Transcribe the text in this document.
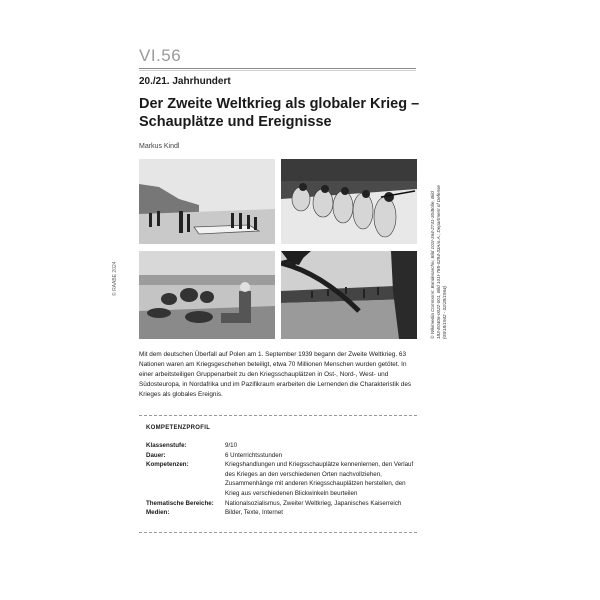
VI.56
20./21. Jahrhundert
Der Zweite Weltkrieg als globaler Krieg –
Schauplätze und Ereignisse
Markus Kindl
© RAABE 2024	© Wikimedia Commons: Bundesarchiv, Bild 101I-364-2741-30/Bolle, Bild 183-E0406-0022-001, Bild 101I-785-0294-33A/o.A.; Department of Defense (09/18/1942 - 02/28/1964)
Mit dem deutschen Überfall auf Polen am 1. September 1939 begann der Zweite Weltkrieg. 63 Nationen waren am Kriegsgeschehen beteiligt, etwa 70 Millionen Menschen wurden getötet. In einer arbeitsteiligen Gruppenarbeit zu den Kriegsschauplätzen in Ost-, Nord-, West- und Südosteuropa, in Nordafrika und im Pazifikraum erarbeiten die Lernenden die Charakteristik des Krieges als globales Ereignis.
KOMPETENZPROFIL
Klassenstufe:	9/10
Dauer:	6 Unterrichtsstunden
Kompetenzen:	Kriegshandlungen und Kriegsschauplätze kennenlernen, den Verlauf des Krieges an den verschiedenen Orten nachvollziehen, Zusammenhänge mit anderen Kriegsschauplätzen herstellen, den Krieg aus verschiedenen Blickwinkeln beurteilen
Thematische Bereiche:	Nationalsozialismus, Zweiter Weltkrieg, Japanisches Kaiserreich
Medien:	Bilder, Texte, Internet
